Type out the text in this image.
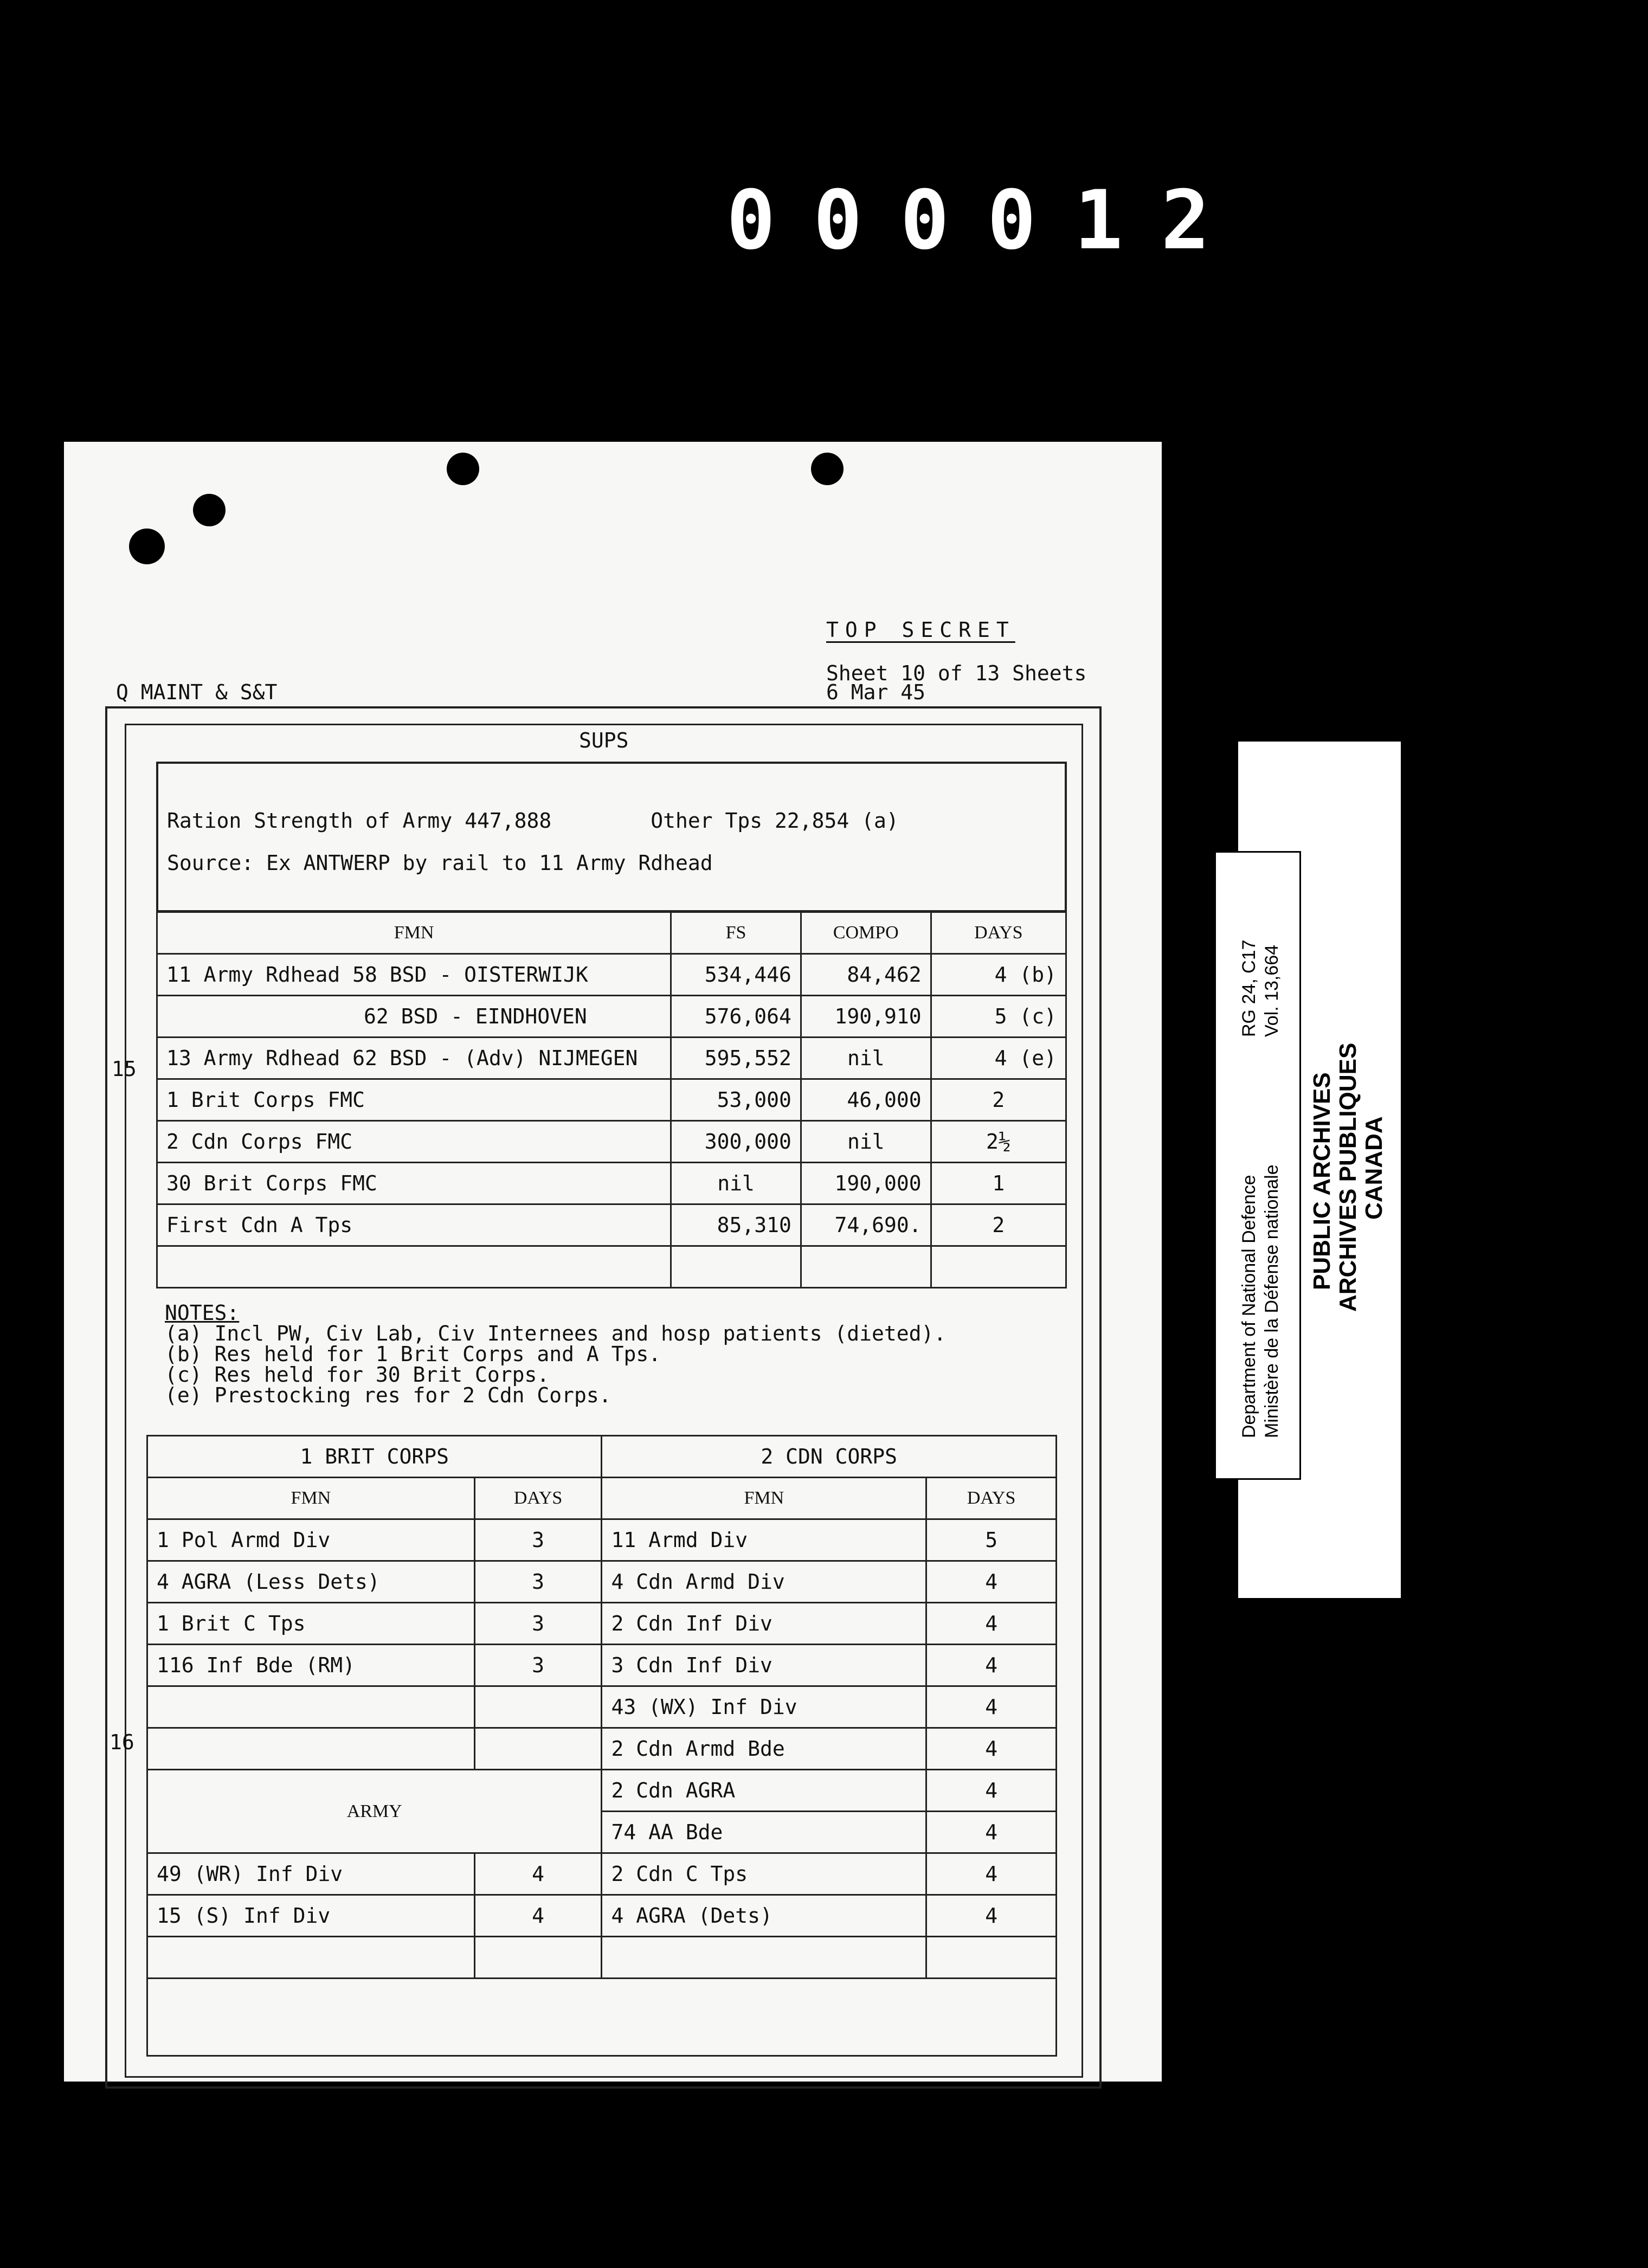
000012
TOP SECRET
Sheet 10 of 13 Sheets
6 Mar 45
Q MAINT & S&T
SUPS
Ration Strength of Army 447,888        Other Tps 22,854 (a)
Source: Ex ANTWERP by rail to 11 Army Rdhead
FMN	FS	COMPO	DAYS
11 Army Rdhead 58 BSD - OISTERWIJK	534,446	84,462	4 (b)
62 BSD - EINDHOVEN	576,064	190,910	5 (c)
13 Army Rdhead 62 BSD - (Adv) NIJMEGEN	595,552	nil	4 (e)
1 Brit Corps FMC	53,000	46,000	2
2 Cdn Corps FMC	300,000	nil	2½
30 Brit Corps FMC	nil	190,000	1
First Cdn A Tps	85,310	74,690.	2

15
NOTES:
(a) Incl PW, Civ Lab, Civ Internees and hosp patients (dieted).
(b) Res held for 1 Brit Corps and A Tps.
(c) Res held for 30 Brit Corps.
(e) Prestocking res for 2 Cdn Corps.
1 BRIT CORPS		2 CDN CORPS	
FMN	DAYS	FMN	DAYS
1 Pol Armd Div	3	11 Armd Div	5
4 AGRA (Less Dets)	3	4 Cdn Armd Div	4
1 Brit C Tps	3	2 Cdn Inf Div	4
116 Inf Bde (RM)	3	3 Cdn Inf Div	4
		43 (WX) Inf Div	4
		2 Cdn Armd Bde	4
ARMY		2 Cdn AGRA	4
		74 AA Bde	4
49 (WR) Inf Div	4	2 Cdn C Tps	4
15 (S) Inf Div	4	4 AGRA (Dets)	4

16
Department of National Defence Ministère de la Défense nationale
RG 24, C17 Vol. 13,664
PUBLIC ARCHIVES ARCHIVES PUBLIQUES CANADA
